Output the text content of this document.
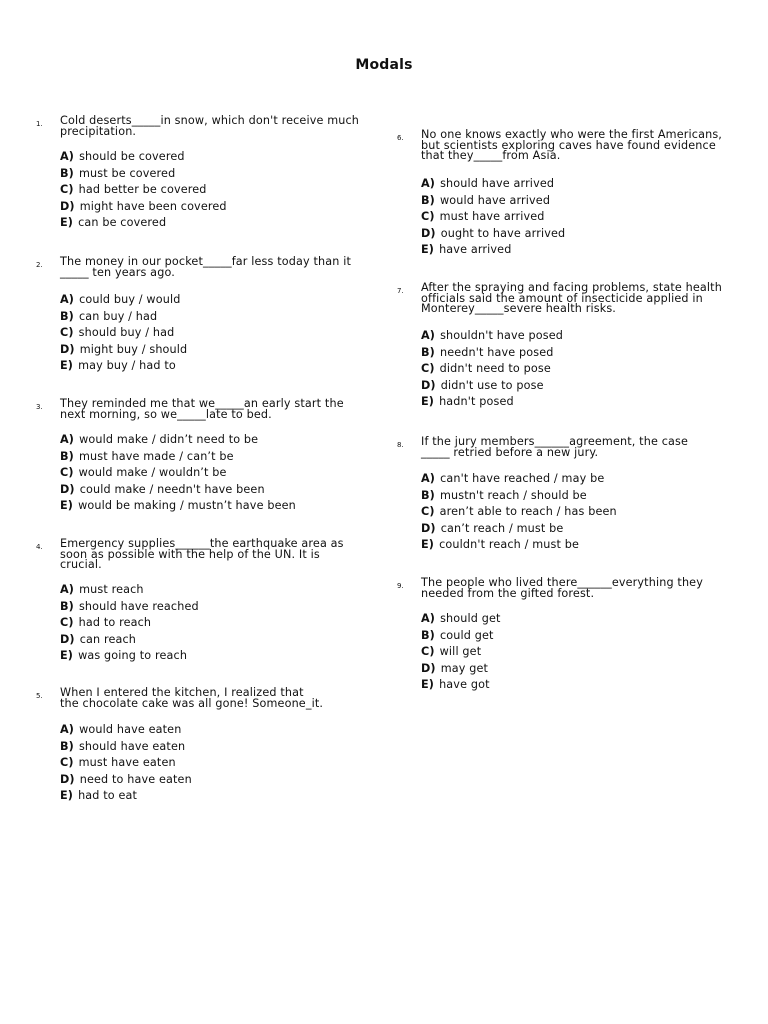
Modals
1. Cold deserts_____in snow, which don't receive much
precipitation.
A) should be covered
B) must be covered
C) had better be covered
D) might have been covered
E) can be covered
2. The money in our pocket_____far less today than it
_____ ten years ago.
A) could buy / would
B) can buy / had
C) should buy / had
D) might buy / should
E) may buy / had to
3. They reminded me that we_____an early start the
next morning, so we_____late to bed.
A) would make / didn’t need to be
B) must have made / can’t be
C) would make / wouldn’t be
D) could make / needn't have been
E) would be making / mustn’t have been
4. Emergency supplies______the earthquake area as
soon as possible with the help of the UN. It is
crucial.
A) must reach
B) should have reached
C) had to reach
D) can reach
E) was going to reach
5. When I entered the kitchen, I realized that
the chocolate cake was all gone! Someone_it.
A) would have eaten
B) should have eaten
C) must have eaten
D) need to have eaten
E) had to eat
6. No one knows exactly who were the first Americans,
but scientists exploring caves have found evidence
that they_____from Asia.
A) should have arrived
B) would have arrived
C) must have arrived
D) ought to have arrived
E) have arrived
7. After the spraying and facing problems, state health
officials said the amount of insecticide applied in
Monterey_____severe health risks.
A) shouldn't have posed
B) needn't have posed
C) didn't need to pose
D) didn't use to pose
E) hadn't posed
8. If the jury members______agreement, the case
_____ retried before a new jury.
A) can't have reached / may be
B) mustn't reach / should be
C) aren’t able to reach / has been
D) can’t reach / must be
E) couldn't reach / must be
9. The people who lived there______everything they
needed from the gifted forest.
A) should get
B) could get
C) will get
D) may get
E) have got
